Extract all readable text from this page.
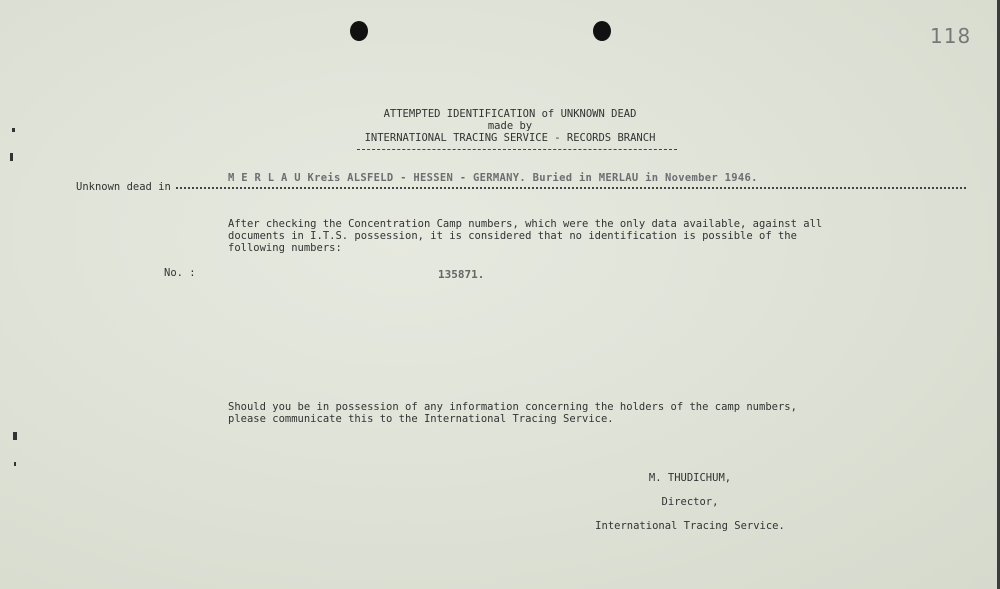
118
ATTEMPTED IDENTIFICATION of UNKNOWN DEAD
made by
INTERNATIONAL TRACING SERVICE - RECORDS BRANCH
Unknown dead in
M E R L A U Kreis ALSFELD - HESSEN - GERMANY. Buried in MERLAU in November 1946.
After checking the Concentration Camp numbers, which were the only data available, against all
documents in I.T.S. possession, it is considered that no identification is possible of the
following numbers:
No. :	135871.
Should you be in possession of any information concerning the holders of the camp numbers,
please communicate this to the International Tracing Service.

M. THUDICHUM,

Director,

International Tracing Service.
